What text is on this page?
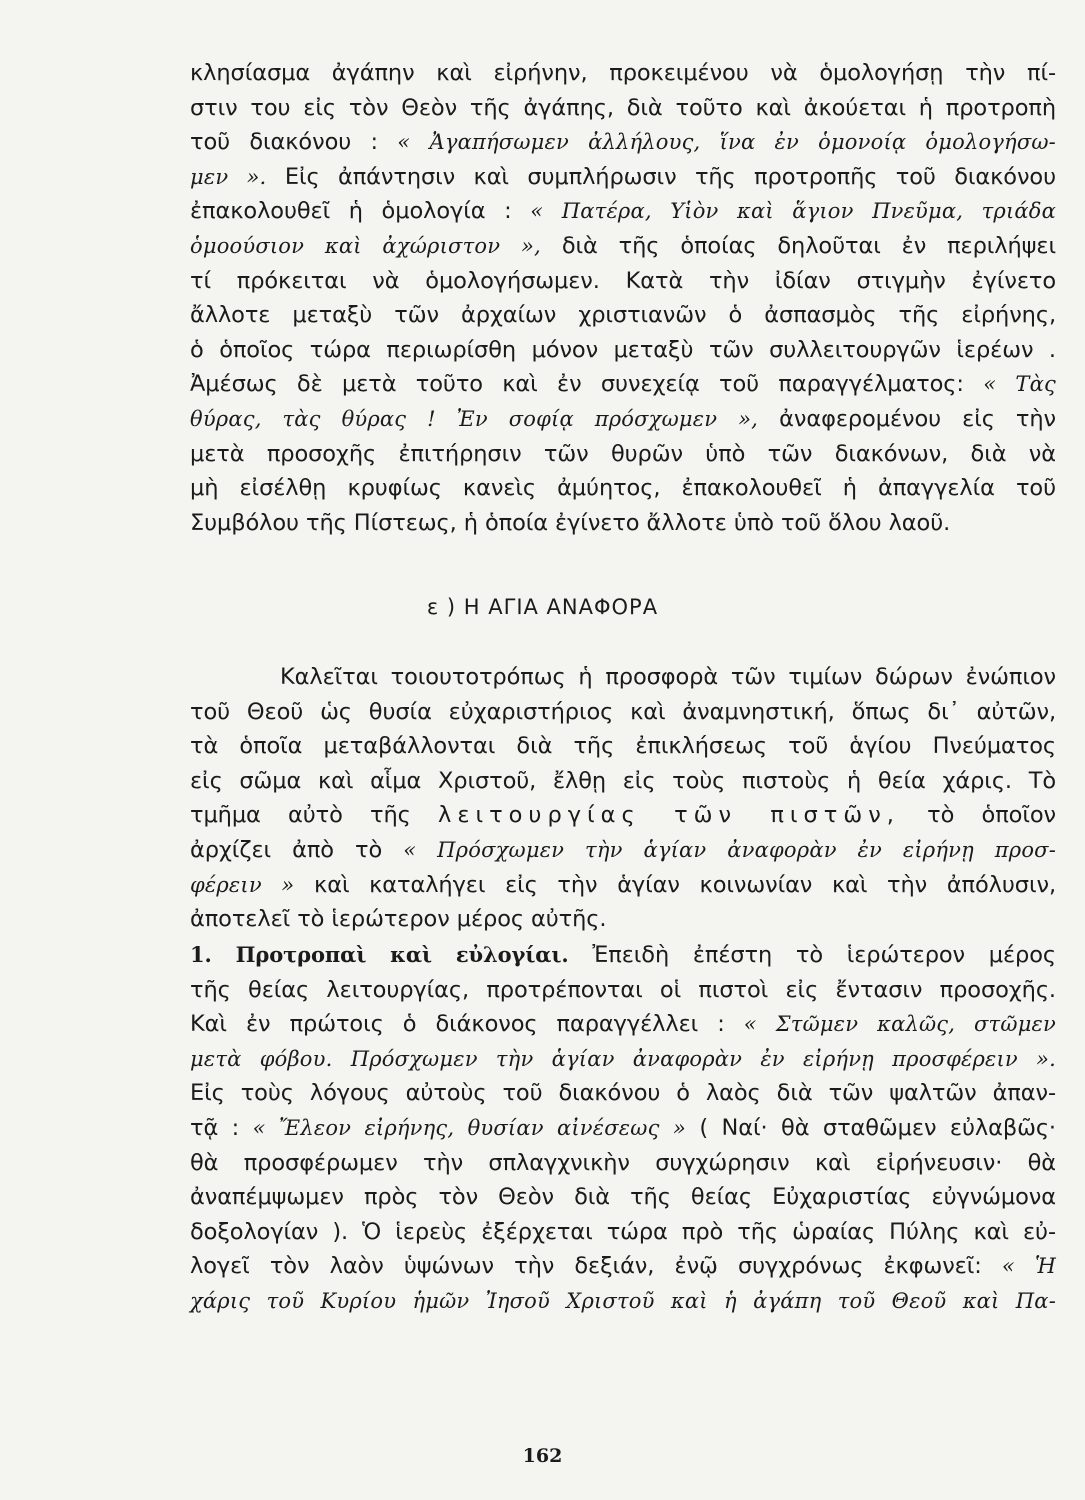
κλησίασμα ἀγάπην καὶ εἰρήνην, προκειμένου νὰ ὁμολογήσῃ τὴν πί-
στιν του εἰς τὸν Θεὸν τῆς ἀγάπης, διὰ τοῦτο καὶ ἀκούεται ἡ προτροπὴ
τοῦ διακόνου : « Ἀγαπήσωμεν ἀλλήλους, ἵνα ἐν ὁμονοίᾳ ὁμολογήσω-
μεν ». Εἰς ἀπάντησιν καὶ συμπλήρωσιν τῆς προτροπῆς τοῦ διακόνου
ἐπακολουθεῖ ἡ ὁμολογία : « Πατέρα, Υἱὸν καὶ ἅγιον Πνεῦμα, τριάδα
ὁμοούσιον καὶ ἀχώριστον », διὰ τῆς ὁποίας δηλοῦται ἐν περιλήψει
τί πρόκειται νὰ ὁμολογήσωμεν. Κατὰ τὴν ἰδίαν στιγμὴν ἐγίνετο
ἄλλοτε μεταξὺ τῶν ἀρχαίων χριστιανῶν ὁ ἀσπασμὸς τῆς εἰρήνης,
ὁ ὁποῖος τώρα περιωρίσθη μόνον μεταξὺ τῶν συλλειτουργῶν ἱερέων .
Ἀμέσως δὲ μετὰ τοῦτο καὶ ἐν συνεχείᾳ τοῦ παραγγέλματος: « Τὰς
θύρας, τὰς θύρας ! Ἐν σοφίᾳ πρόσχωμεν », ἀναφερομένου εἰς τὴν
μετὰ προσοχῆς ἐπιτήρησιν τῶν θυρῶν ὑπὸ τῶν διακόνων, διὰ νὰ
μὴ εἰσέλθῃ κρυφίως κανεὶς ἀμύητος, ἐπακολουθεῖ ἡ ἀπαγγελία τοῦ
Συμβόλου τῆς Πίστεως, ἡ ὁποία ἐγίνετο ἄλλοτε ὑπὸ τοῦ ὅλου λαοῦ.
ε ) Η ΑΓΙΑ ΑΝΑΦΟΡΑ
Καλεῖται τοιουτοτρόπως ἡ προσφορὰ τῶν τιμίων δώρων ἐνώπιον
τοῦ Θεοῦ ὡς θυσία εὐχαριστήριος καὶ ἀναμνηστική, ὅπως δι᾽ αὐτῶν,
τὰ ὁποῖα μεταβάλλονται διὰ τῆς ἐπικλήσεως τοῦ ἁγίου Πνεύματος
εἰς σῶμα καὶ αἷμα Χριστοῦ, ἔλθῃ εἰς τοὺς πιστοὺς ἡ θεία χάρις. Τὸ
τμῆμα αὐτὸ τῆς λειτουργίας τῶν πιστῶν, τὸ ὁποῖον
ἀρχίζει ἀπὸ τὸ « Πρόσχωμεν τὴν ἁγίαν ἀναφορὰν ἐν εἰρήνῃ προσ-
φέρειν » καὶ καταλήγει εἰς τὴν ἁγίαν κοινωνίαν καὶ τὴν ἀπόλυσιν,
ἀποτελεῖ τὸ ἱερώτερον μέρος αὐτῆς.
1. Προτροπαὶ καὶ εὐλογίαι. Ἐπειδὴ ἐπέστη τὸ ἱερώτερον μέρος
τῆς θείας λειτουργίας, προτρέπονται οἱ πιστοὶ εἰς ἔντασιν προσοχῆς.
Καὶ ἐν πρώτοις ὁ διάκονος παραγγέλλει : « Στῶμεν καλῶς, στῶμεν
μετὰ φόβου. Πρόσχωμεν τὴν ἁγίαν ἀναφορὰν ἐν εἰρήνῃ προσφέρειν ».
Εἰς τοὺς λόγους αὐτοὺς τοῦ διακόνου ὁ λαὸς διὰ τῶν ψαλτῶν ἀπαν-
τᾷ : « Ἔλεον εἰρήνης, θυσίαν αἰνέσεως » ( Ναί· θὰ σταθῶμεν εὐλαβῶς·
θὰ προσφέρωμεν τὴν σπλαγχνικὴν συγχώρησιν καὶ εἰρήνευσιν· θὰ
ἀναπέμψωμεν πρὸς τὸν Θεὸν διὰ τῆς θείας Εὐχαριστίας εὐγνώμονα
δοξολογίαν ). Ὁ ἱερεὺς ἐξέρχεται τώρα πρὸ τῆς ὡραίας Πύλης καὶ εὐ-
λογεῖ τὸν λαὸν ὑψώνων τὴν δεξιάν, ἐνῷ συγχρόνως ἐκφωνεῖ: « Ἡ
χάρις τοῦ Κυρίου ἡμῶν Ἰησοῦ Χριστοῦ καὶ ἡ ἀγάπη τοῦ Θεοῦ καὶ Πα-
162
